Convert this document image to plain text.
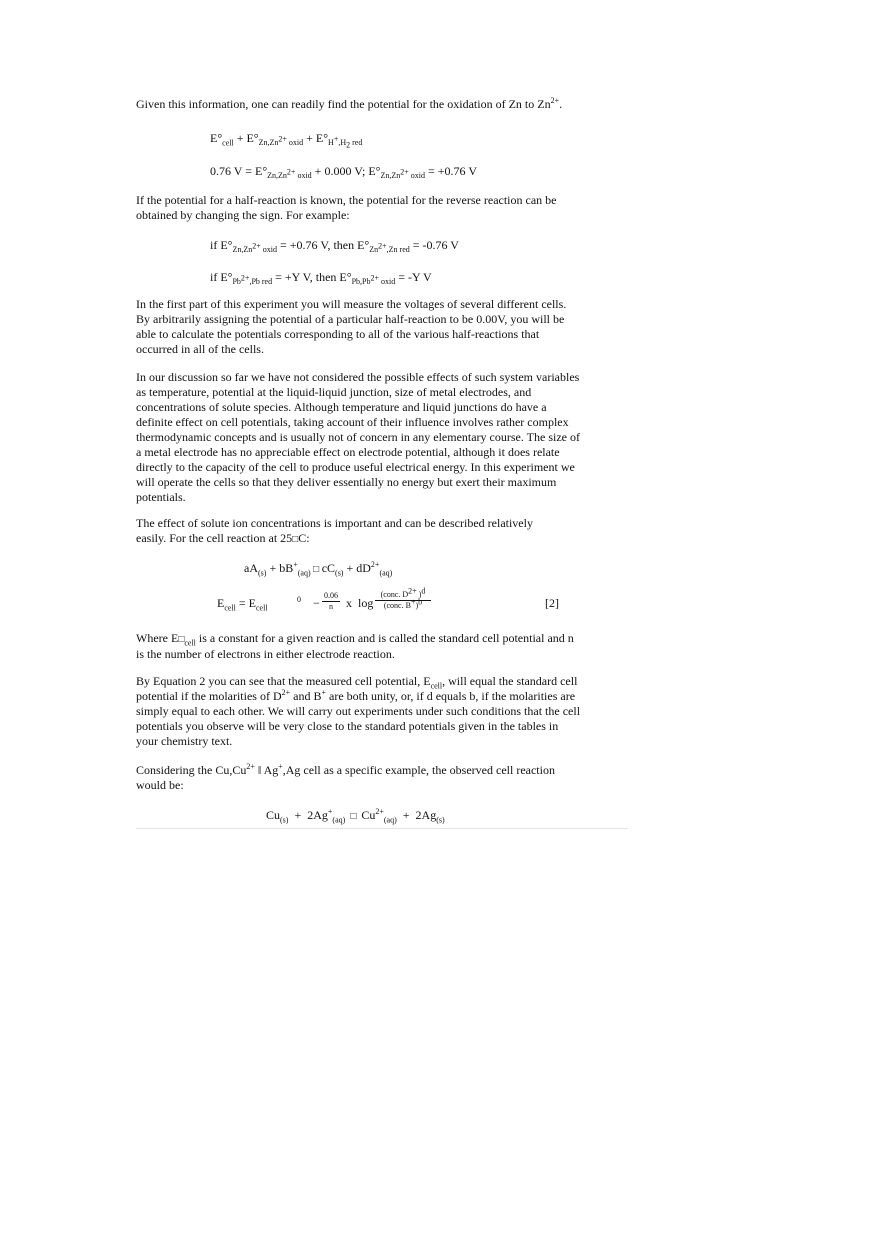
Given this information, one can readily find the potential for the oxidation of Zn to $Zn^{2+}$.

$E^\circ_{cell} + E^\circ_{Zn,Zn^{2+} oxid} + E^\circ_{H^+,H_2 red}$

0.76 $V = E^\circ_{Zn,Zn^{2+} oxid} + 0.000$ V; $E^\circ_{Zn,Zn^{2+} oxid} = +0.76$ V

If the potential for a half-reaction is known, the potential for the reverse reaction can be obtained by changing the sign. For example:

if $E^\circ_{Zn,Zn^{2+} oxid} = +0.76$ V, then $E^\circ_{Zn^{2+},Zn red} = -0.76$ V

if $E^\circ_{Pb^{2+},Pb red} = +Y$ V, then $E^\circ_{Pb,Pb^{2+} oxid} = -Y$ V

In the first part of this experiment you will measure the voltages of several different cells. By arbitrarily assigning the potential of a particular half-reaction to be 0.00V, you will be able to calculate the potentials corresponding to all of the various half-reactions that occurred in all of the cells.

In our discussion so far we have not considered the possible effects of such system variables as temperature, potential at the liquid-liquid junction, size of metal electrodes, and concentrations of solute species. Although temperature and liquid junctions do have a definite effect on cell potentials, taking account of their influence involves rather complex thermodynamic concepts and is usually not of concern in any elementary course. The size of a metal electrode has no appreciable effect on electrode potential, although it does relate directly to the capacity of the cell to produce useful electrical energy. In this experiment we will operate the cells so that they deliver essentially no energy but exert their maximum potentials.

The effect of solute ion concentrations is important and can be described relatively easily. For the cell reaction at 25□C:

$aA_{(s)} + bB^+_{(aq)}$ □ $cC_{(s)} + dD^{2+}_{(aq)}$

$E_{cell} = E_{cell}$
$0 - \frac{0.06}{n}$ x log
(conc. $D^{2+}$ )$^d$
(conc. B+)$^b$	[2]

Where $E□_{cell}$ is a constant for a given reaction and is called the standard cell potential and n is the number of electrons in either electrode reaction.

By Equation 2 you can see that the measured cell potential, $E_{cell}$, will equal the standard cell potential if the molarities of $D^{2+}$ and B+ are both unity, or, if d equals b, if the molarities are simply equal to each other. We will carry out experiments under such conditions that the cell potentials you observe will be very close to the standard potentials given in the tables in your chemistry text.

Considering the $Cu,Cu^{2+}$ ‖ Ag+,Ag cell as a specific example, the observed cell reaction would be:

$Cu_{(s)} + 2Ag^+_{(aq)}$  □  $Cu^{2+}_{(aq)} + 2Ag_{(s)}$
